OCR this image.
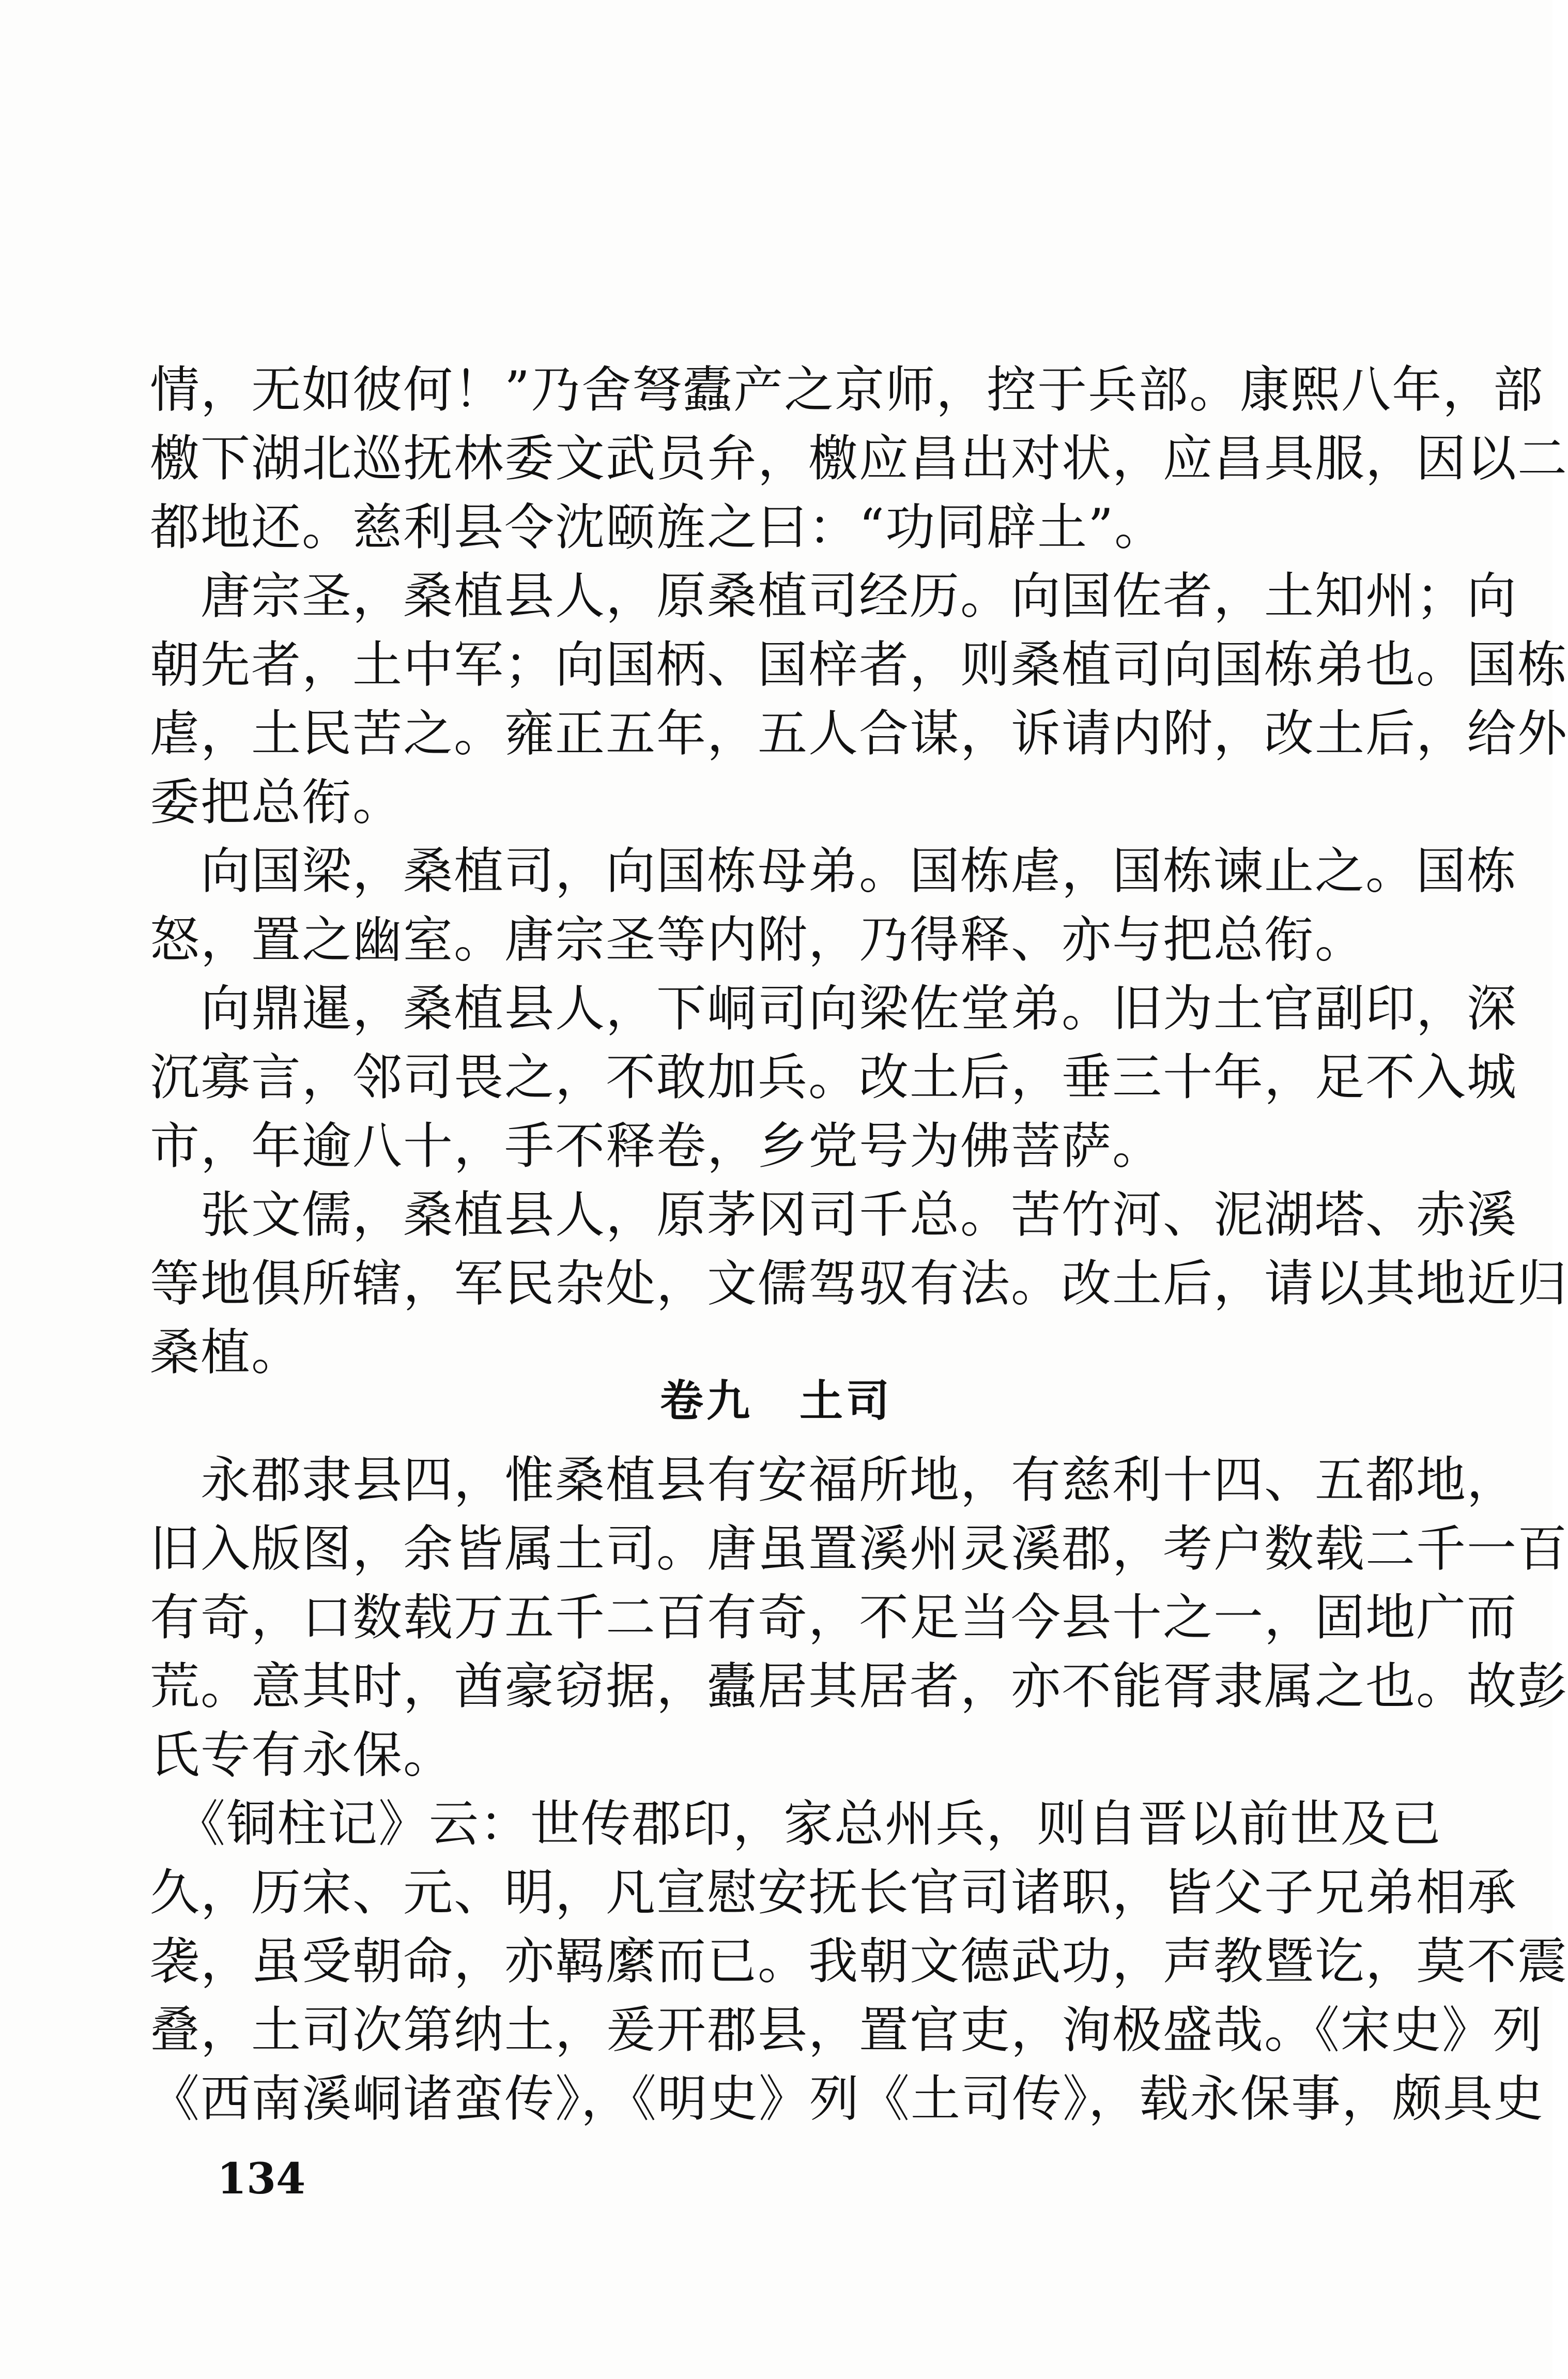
情，无如彼何！”乃舍弩蠹产之京师，控于兵部。康熙八年，部
檄下湖北巡抚林委文武员弁，檄应昌出对状，应昌具服，因以二
都地还。慈利县令沈颐旌之曰：“功同辟土”。
　唐宗圣，桑植县人，原桑植司经历。向国佐者，土知州；向
朝先者，土中军；向国柄、国梓者，则桑植司向国栋弟也。国栋
虐，土民苦之。雍正五年，五人合谋，诉请内附，改土后，给外
委把总衔。
　向国梁，桑植司，向国栋母弟。国栋虐，国栋谏止之。国栋
怒，置之幽室。唐宗圣等内附，乃得释、亦与把总衔。
　向鼎暹，桑植县人，下峒司向梁佐堂弟。旧为土官副印，深
沉寡言，邻司畏之，不敢加兵。改土后，垂三十年，足不入城
市，年逾八十，手不释卷，乡党号为佛菩萨。
　张文儒，桑植县人，原茅冈司千总。苦竹河、泥湖塔、赤溪
等地俱所辖，军民杂处，文儒驾驭有法。改土后，请以其地近归
桑植。
卷九 土司
　永郡隶县四，惟桑植县有安福所地，有慈利十四、五都地，
旧入版图，余皆属土司。唐虽置溪州灵溪郡，考户数载二千一百
有奇，口数载万五千二百有奇，不足当今县十之一，固地广而
荒。意其时，酋豪窃据，蠹居其居者，亦不能胥隶属之也。故彭
氏专有永保。
　《铜柱记》云：世传郡印，家总州兵，则自晋以前世及已
久，历宋、元、明，凡宣慰安抚长官司诸职，皆父子兄弟相承
袭，虽受朝命，亦羁縻而已。我朝文德武功，声教暨讫，莫不震
叠，土司次第纳土，爰开郡县，置官吏，洵极盛哉。《宋史》列
《西南溪峒诸蛮传》，《明史》列《土司传》，载永保事，颇具史
134
